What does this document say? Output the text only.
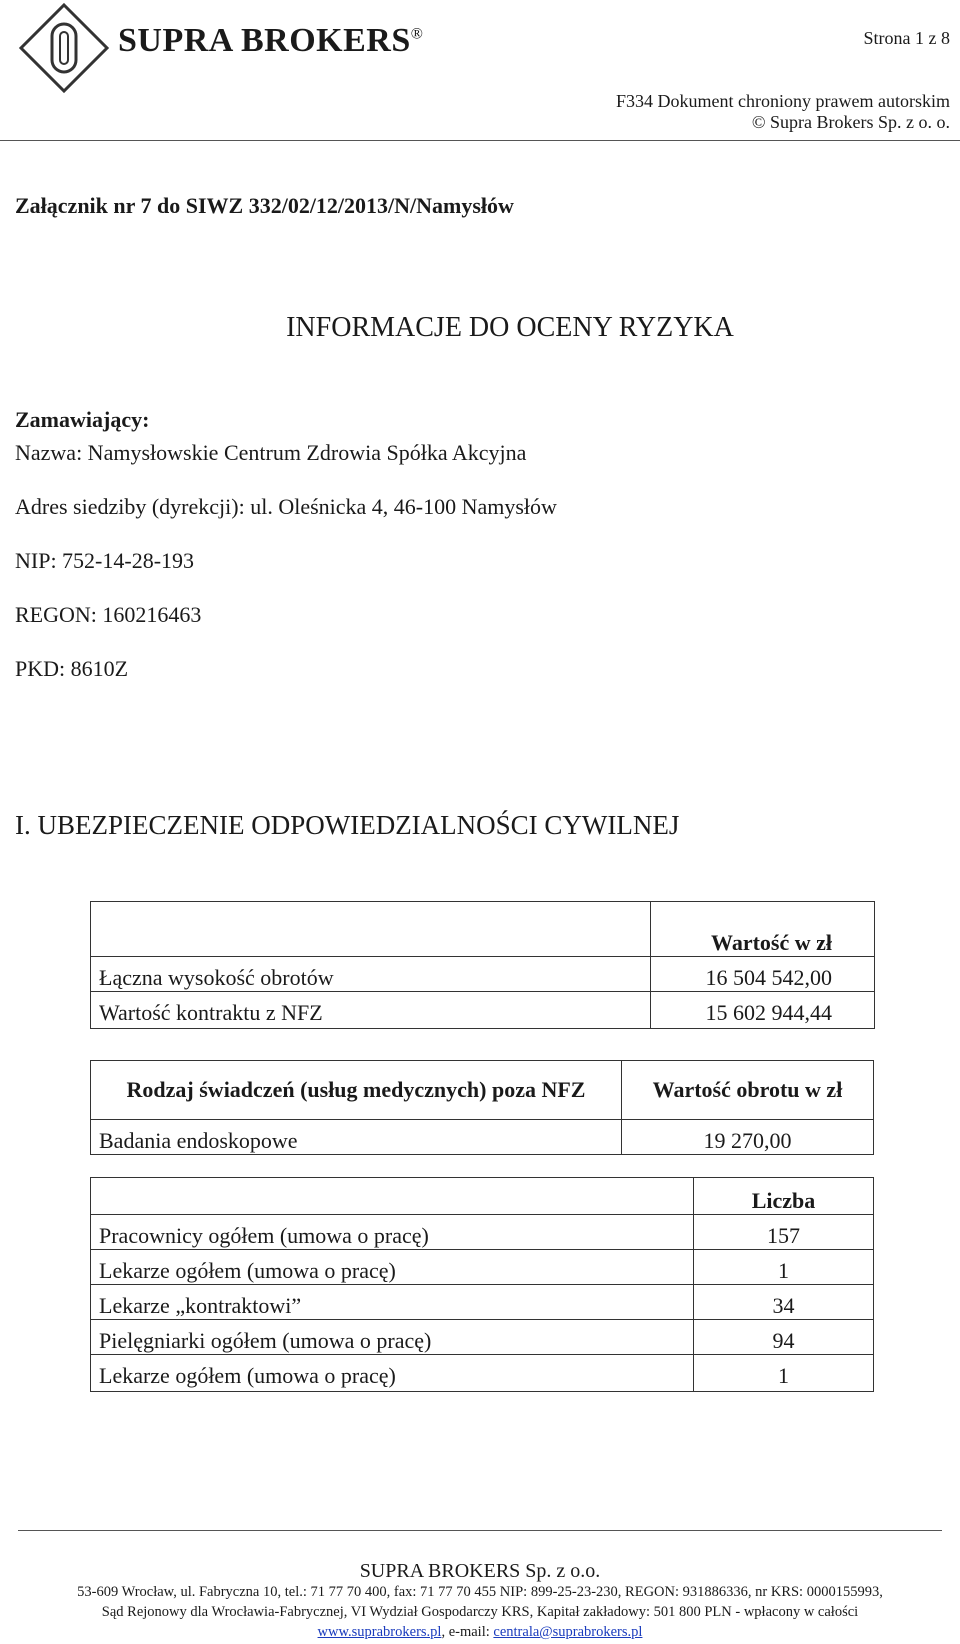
SUPRA BROKERS®	Strona 1 z 8
F334 Dokument chroniony prawem autorskim
© Supra Brokers Sp. z o. o.
Załącznik nr 7 do SIWZ 332/02/12/2013/N/Namysłów
INFORMACJE DO OCENY RYZYKA
Zamawiający:
Nazwa: Namysłowskie Centrum Zdrowia Spółka Akcyjna
Adres siedziby (dyrekcji): ul. Oleśnicka 4, 46-100 Namysłów
NIP: 752-14-28-193
REGON: 160216463
PKD: 8610Z
I. UBEZPIECZENIE ODPOWIEDZIALNOŚCI CYWILNEJ
	Wartość w zł
Łączna wysokość obrotów	16 504 542,00
Wartość kontraktu z NFZ	15 602 944,44
Rodzaj świadczeń (usług medycznych) poza NFZ	Wartość obrotu w zł
Badania endoskopowe	19 270,00
	Liczba
Pracownicy ogółem (umowa o pracę)	157
Lekarze ogółem (umowa o pracę)	1
Lekarze „kontraktowi”	34
Pielęgniarki ogółem (umowa o pracę)	94
Lekarze ogółem (umowa o pracę)	1
SUPRA BROKERS Sp. z o.o.
53-609 Wrocław, ul. Fabryczna 10, tel.: 71 77 70 400, fax: 71 77 70 455 NIP: 899-25-23-230, REGON: 931886336, nr KRS: 0000155993,
Sąd Rejonowy dla Wrocławia-Fabrycznej, VI Wydział Gospodarczy KRS, Kapitał zakładowy: 501 800 PLN - wpłacony w całości
www.suprabrokers.pl, e-mail: centrala@suprabrokers.pl
